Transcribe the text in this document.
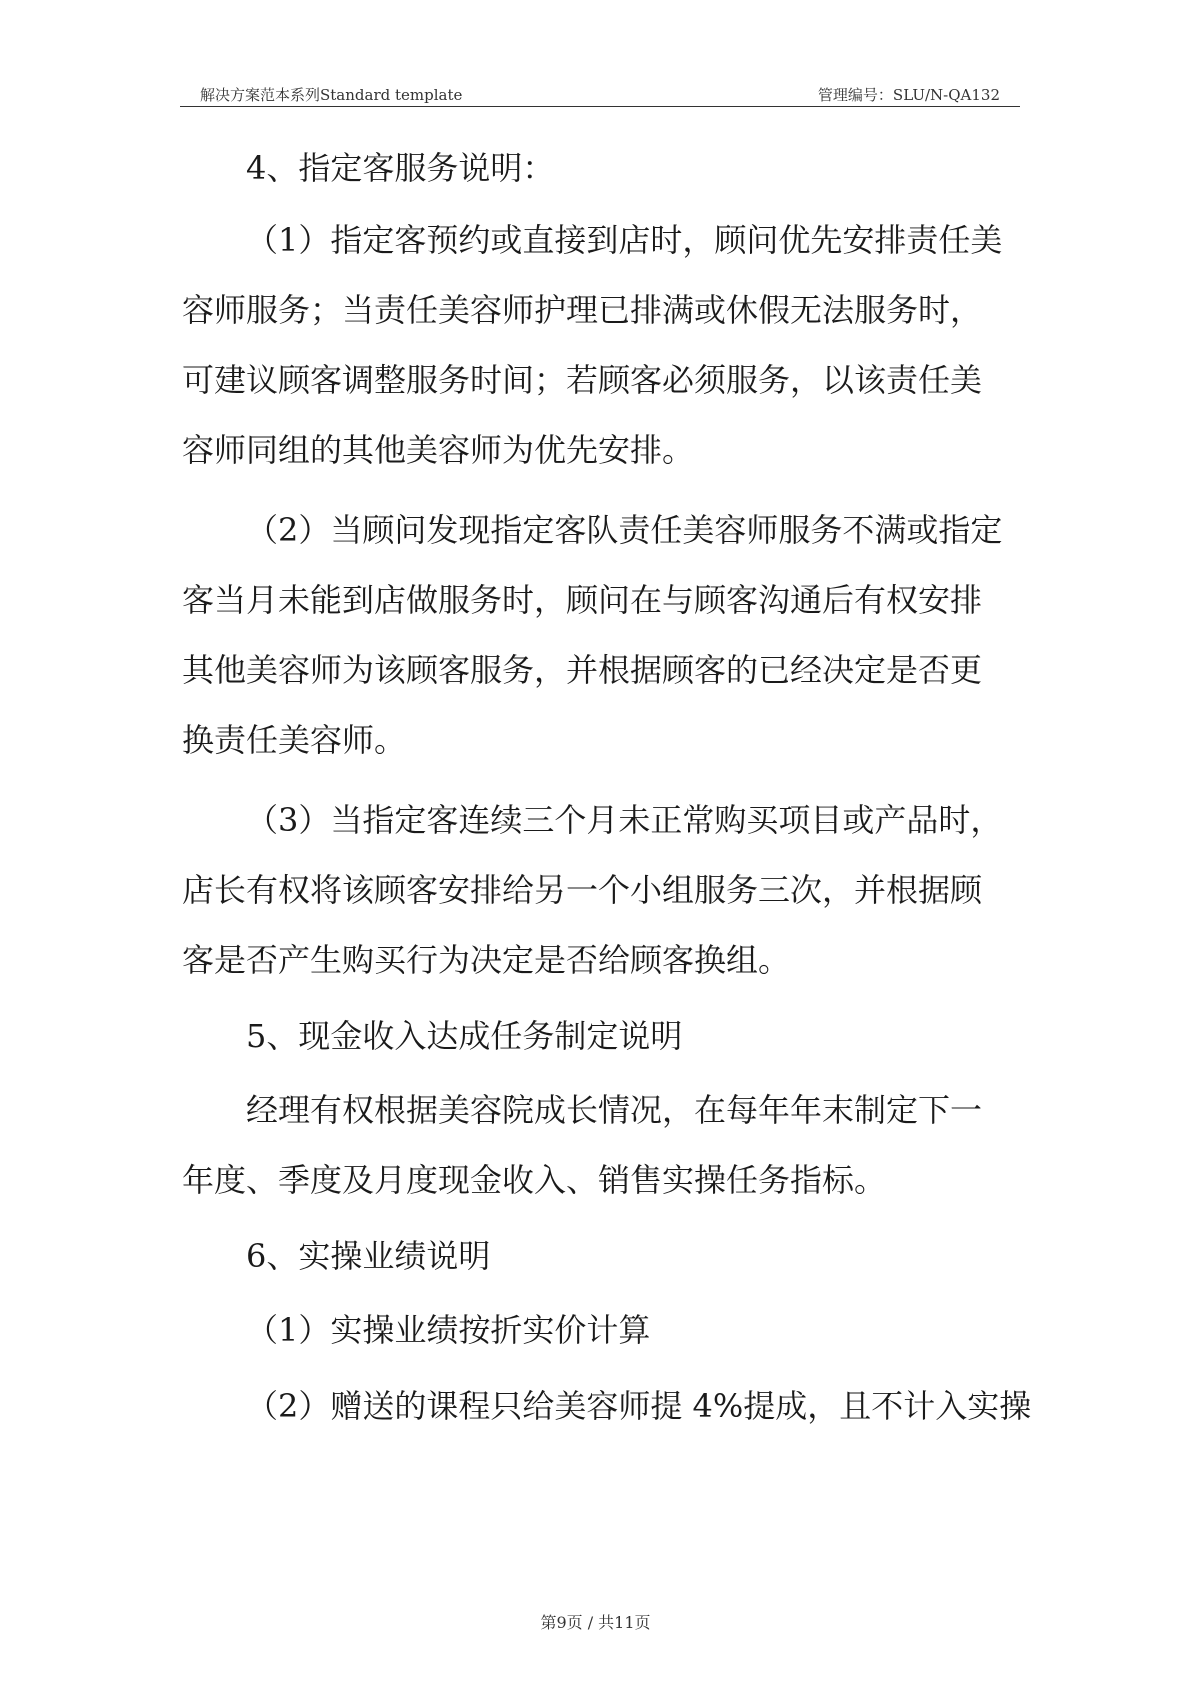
解决方案范本系列Standard template	管理编号：SLU/N-QA132
4、指定客服务说明：
（1）指定客预约或直接到店时，顾问优先安排责任美
容师服务；当责任美容师护理已排满或休假无法服务时，
可建议顾客调整服务时间；若顾客必须服务，以该责任美
容师同组的其他美容师为优先安排。
（2）当顾问发现指定客队责任美容师服务不满或指定
客当月未能到店做服务时，顾问在与顾客沟通后有权安排
其他美容师为该顾客服务，并根据顾客的已经决定是否更
换责任美容师。
（3）当指定客连续三个月未正常购买项目或产品时，
店长有权将该顾客安排给另一个小组服务三次，并根据顾
客是否产生购买行为决定是否给顾客换组。
5、现金收入达成任务制定说明
经理有权根据美容院成长情况，在每年年末制定下一
年度、季度及月度现金收入、销售实操任务指标。
6、实操业绩说明
（1）实操业绩按折实价计算
（2）赠送的课程只给美容师提 4%提成，且不计入实操
第9页 / 共11页
